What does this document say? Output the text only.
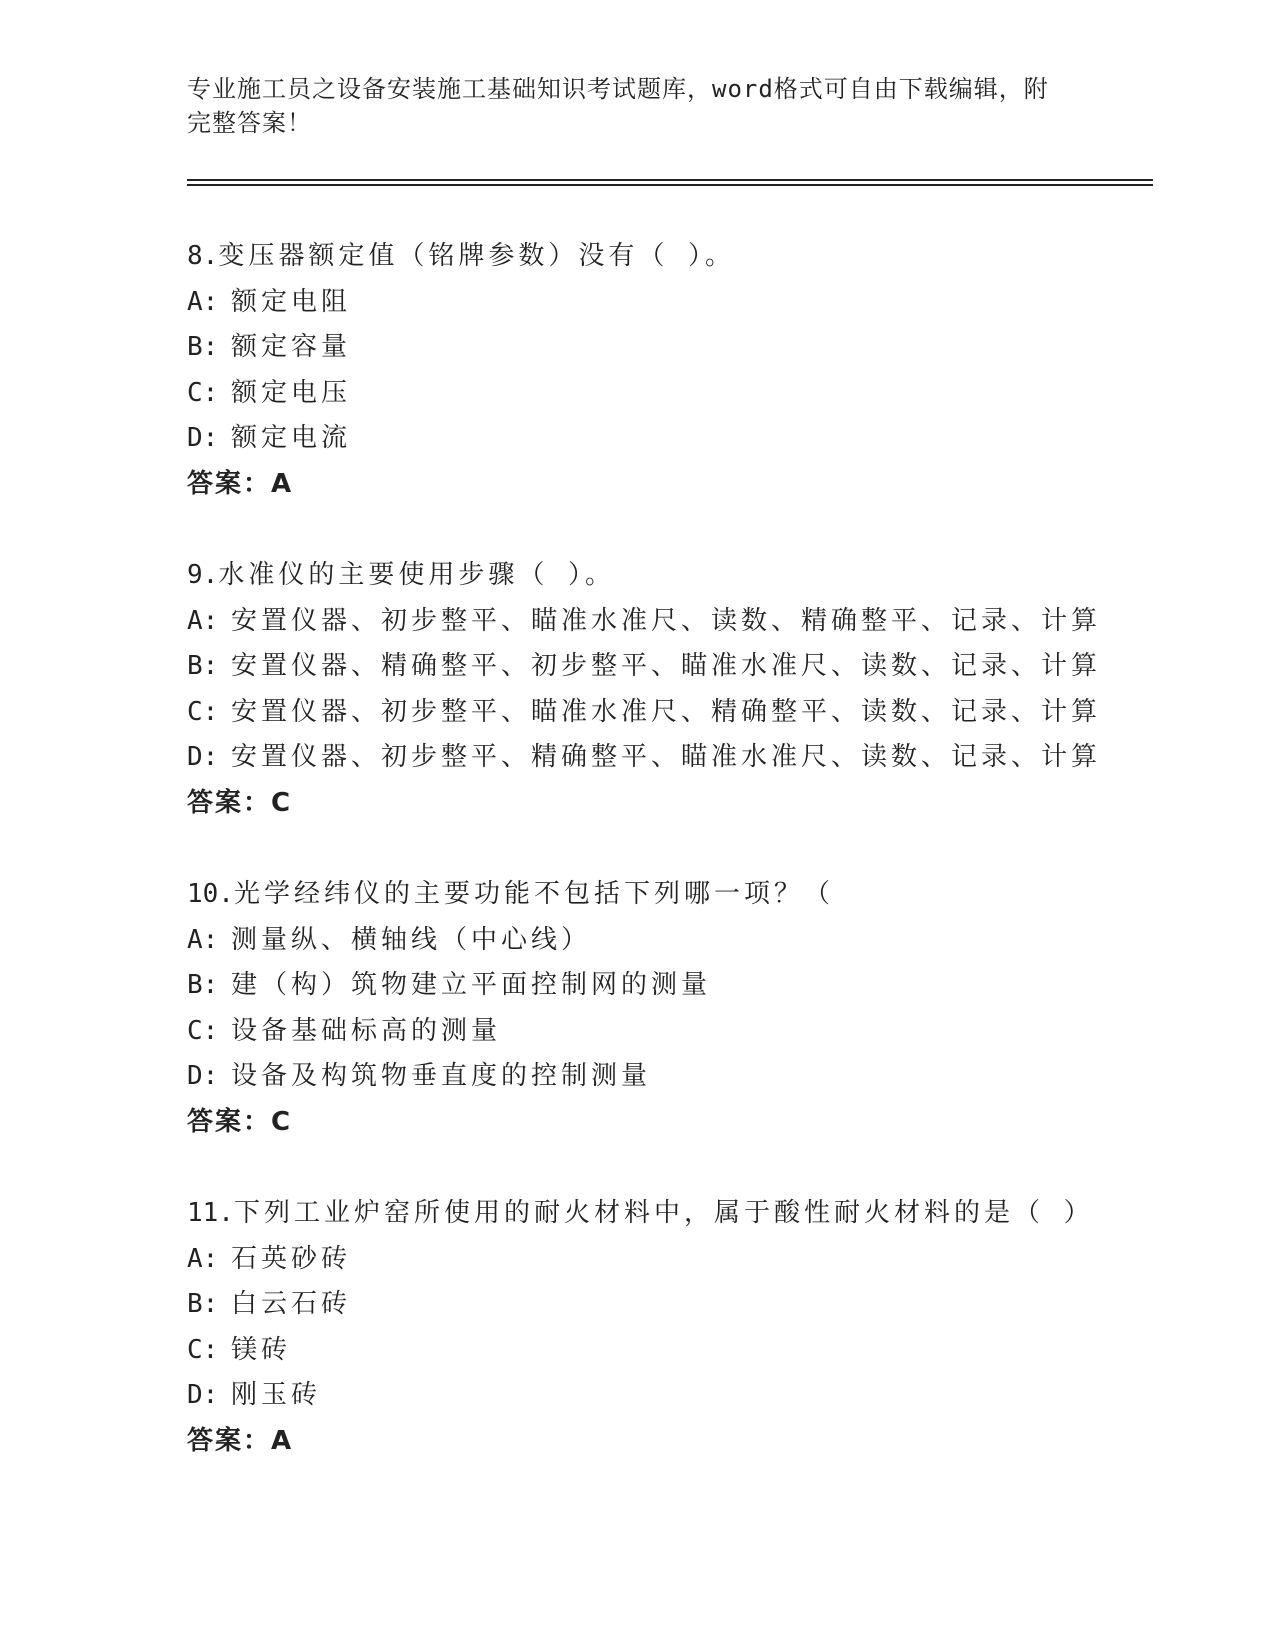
专业施工员之设备安装施工基础知识考试题库，word格式可自由下载编辑，附完整答案！
8.变压器额定值（铭牌参数）没有（ ）。
A: 额定电阻
B: 额定容量
C: 额定电压
D: 额定电流
答案：A
9.水准仪的主要使用步骤（ ）。
A: 安置仪器、初步整平、瞄准水准尺、读数、精确整平、记录、计算
B: 安置仪器、精确整平、初步整平、瞄准水准尺、读数、记录、计算
C: 安置仪器、初步整平、瞄准水准尺、精确整平、读数、记录、计算
D: 安置仪器、初步整平、精确整平、瞄准水准尺、读数、记录、计算
答案：C
10.光学经纬仪的主要功能不包括下列哪一项？（
A: 测量纵、横轴线（中心线）
B: 建（构）筑物建立平面控制网的测量
C: 设备基础标高的测量
D: 设备及构筑物垂直度的控制测量
答案：C
11.下列工业炉窑所使用的耐火材料中，属于酸性耐火材料的是（ ）
A: 石英砂砖
B: 白云石砖
C: 镁砖
D: 刚玉砖
答案：A
